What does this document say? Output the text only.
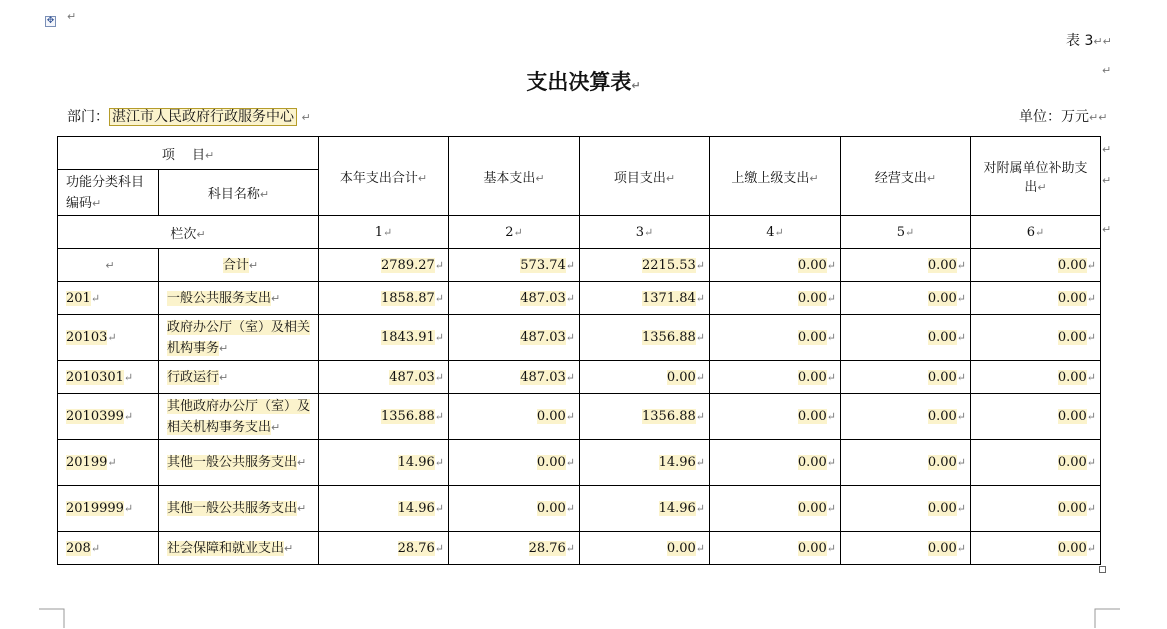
✥ ↵
表 3↵↵
↵
支出决算表↵
部门： 湛江市人民政府行政服务中心 ↵	单位：万元↵↵
项　 目↵		本年支出合计↵	基本支出↵	项目支出↵	上缴上级支出↵	经营支出↵	对附属单位补助支出↵
功能分类科目编码↵	科目名称↵						
栏次↵		1↵	2↵	3↵	4↵	5↵	6↵
↵	合计↵	2789.27↵	573.74↵	2215.53↵	0.00↵	0.00↵	0.00↵
201↵	一般公共服务支出↵	1858.87↵	487.03↵	1371.84↵	0.00↵	0.00↵	0.00↵
20103↵	政府办公厅（室）及相关机构事务↵	1843.91↵	487.03↵	1356.88↵	0.00↵	0.00↵	0.00↵
2010301↵	行政运行↵	487.03↵	487.03↵	0.00↵	0.00↵	0.00↵	0.00↵
2010399↵	其他政府办公厅（室）及相关机构事务支出↵	1356.88↵	0.00↵	1356.88↵	0.00↵	0.00↵	0.00↵
20199↵	其他一般公共服务支出↵	14.96↵	0.00↵	14.96↵	0.00↵	0.00↵	0.00↵
2019999↵	其他一般公共服务支出↵	14.96↵	0.00↵	14.96↵	0.00↵	0.00↵	0.00↵
208↵	社会保障和就业支出↵	28.76↵	28.76↵	0.00↵	0.00↵	0.00↵	0.00↵
↵
↵
↵
